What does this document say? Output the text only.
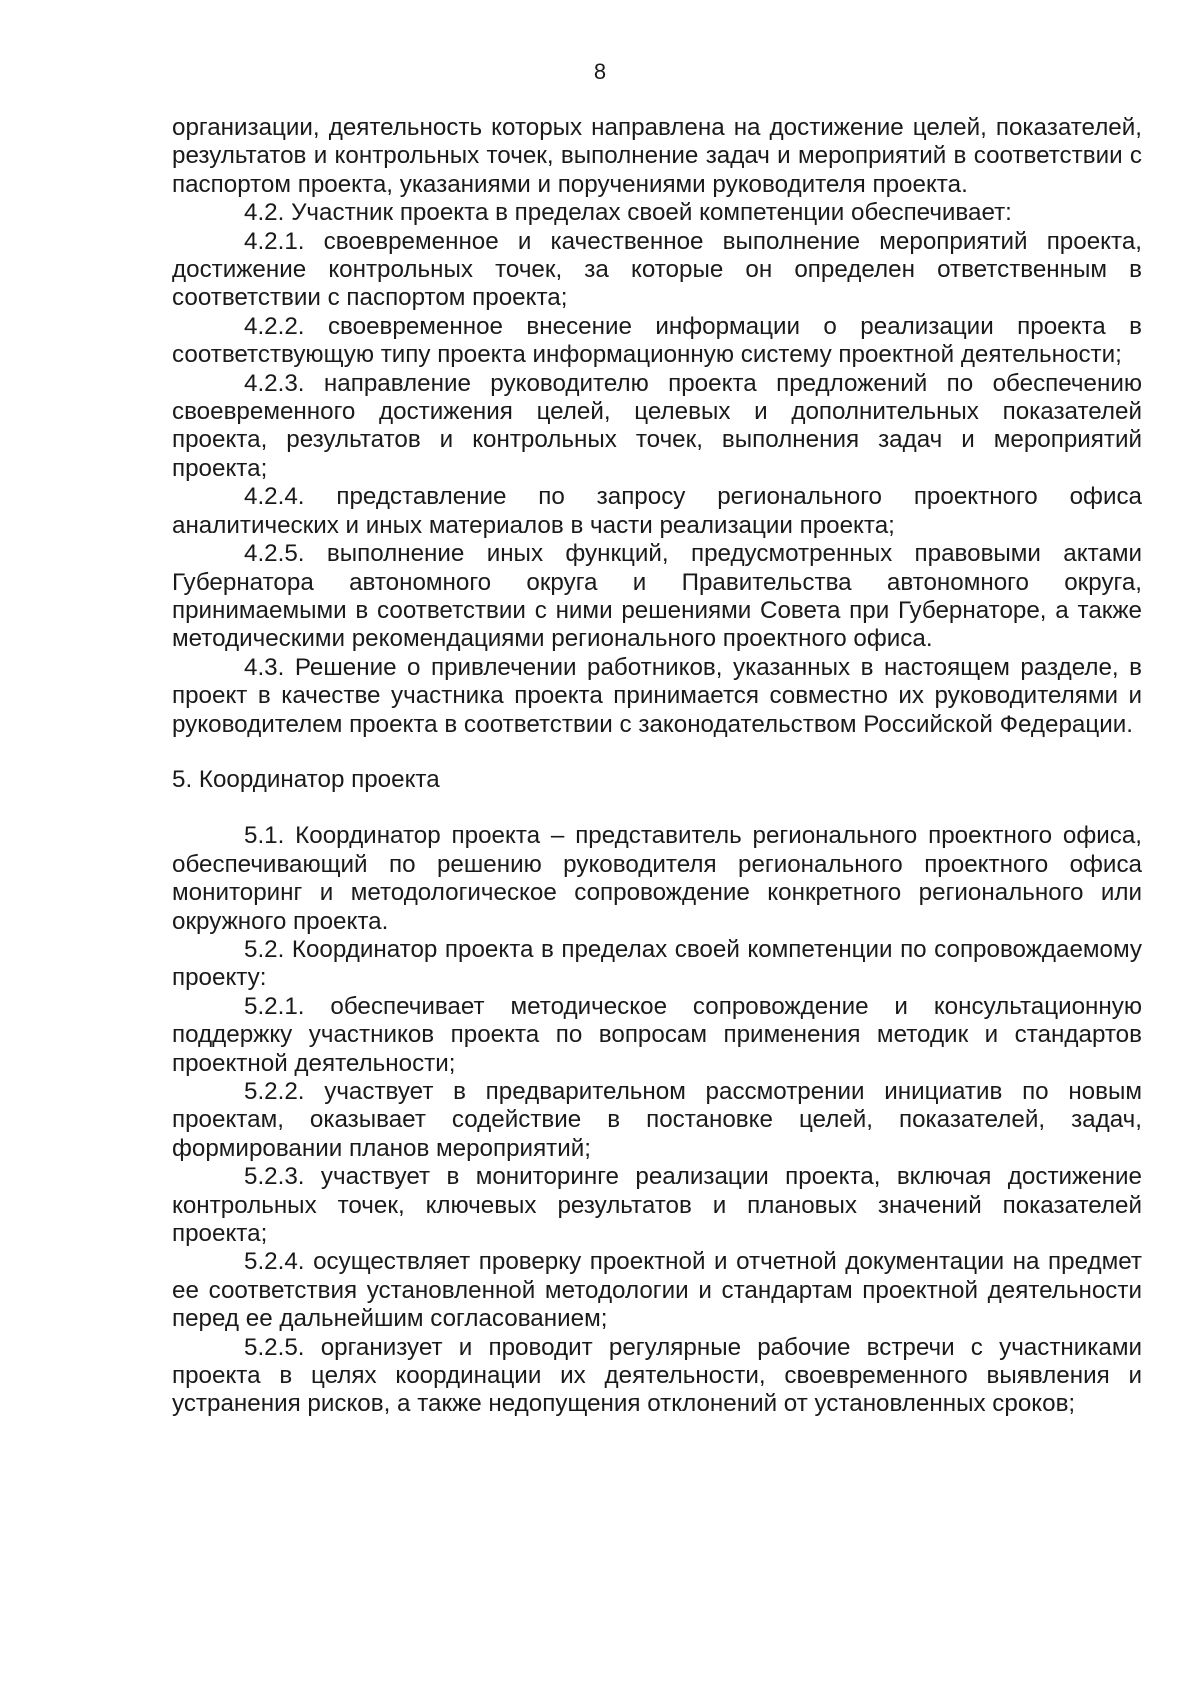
8

организации, деятельность которых направлена на достижение целей, показателей, результатов и контрольных точек, выполнение задач и мероприятий в соответствии с паспортом проекта, указаниями и поручениями руководителя проекта.

4.2. Участник проекта в пределах своей компетенции обеспечивает:

4.2.1. своевременное и качественное выполнение мероприятий проекта, достижение контрольных точек, за которые он определен ответственным в соответствии с паспортом проекта;

4.2.2. своевременное внесение информации о реализации проекта в соответствующую типу проекта информационную систему проектной деятельности;

4.2.3. направление руководителю проекта предложений по обеспечению своевременного достижения целей, целевых и дополнительных показателей проекта, результатов и контрольных точек, выполнения задач и мероприятий проекта;

4.2.4. представление по запросу регионального проектного офиса аналитических и иных материалов в части реализации проекта;

4.2.5. выполнение иных функций, предусмотренных правовыми актами Губернатора автономного округа и Правительства автономного округа, принимаемыми в соответствии с ними решениями Совета при Губернаторе, а также методическими рекомендациями регионального проектного офиса.

4.3. Решение о привлечении работников, указанных в настоящем разделе, в проект в качестве участника проекта принимается совместно их руководителями и руководителем проекта в соответствии с законодательством Российской Федерации.

5. Координатор проекта

5.1. Координатор проекта – представитель регионального проектного офиса, обеспечивающий по решению руководителя регионального проектного офиса мониторинг и методологическое сопровождение конкретного регионального или окружного проекта.

5.2. Координатор проекта в пределах своей компетенции по сопровождаемому проекту:

5.2.1. обеспечивает методическое сопровождение и консультационную поддержку участников проекта по вопросам применения методик и стандартов проектной деятельности;

5.2.2. участвует в предварительном рассмотрении инициатив по новым проектам, оказывает содействие в постановке целей, показателей, задач, формировании планов мероприятий;

5.2.3. участвует в мониторинге реализации проекта, включая достижение контрольных точек, ключевых результатов и плановых значений показателей проекта;

5.2.4. осуществляет проверку проектной и отчетной документации на предмет ее соответствия установленной методологии и стандартам проектной деятельности перед ее дальнейшим согласованием;

5.2.5. организует и проводит регулярные рабочие встречи с участниками проекта в целях координации их деятельности, своевременного выявления и устранения рисков, а также недопущения отклонений от установленных сроков;
